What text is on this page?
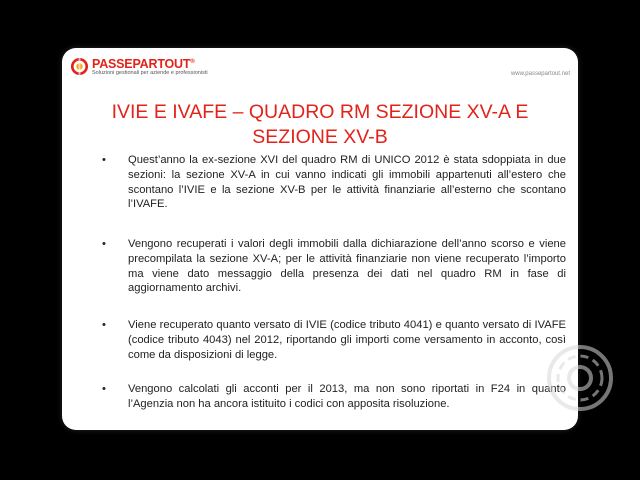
PASSEPARTOUT®
Soluzioni gestionali per aziende e professionisti	www.passepartout.net
IVIE E IVAFE – QUADRO RM SEZIONE XV-A E
SEZIONE XV-B
• Quest’anno la ex-sezione XVI del quadro RM di UNICO 2012 è stata sdoppiata in due sezioni: la sezione XV-A in cui vanno indicati gli immobili appartenuti all’estero che scontano l’IVIE e la sezione XV-B per le attività finanziarie all’esterno che scontano l’IVAFE.
• Vengono recuperati i valori degli immobili dalla dichiarazione dell’anno scorso e viene precompilata la sezione XV-A; per le attività finanziarie non viene recuperato l’importo ma viene dato messaggio della presenza dei dati nel quadro RM in fase di aggiornamento archivi.
• Viene recuperato quanto versato di IVIE (codice tributo 4041) e quanto versato di IVAFE (codice tributo 4043) nel 2012, riportando gli importi come versamento in acconto, così come da disposizioni di legge.
• Vengono calcolati gli acconti per il 2013, ma non sono riportati in F24 in quanto l’Agenzia non ha ancora istituito i codici con apposita risoluzione.
